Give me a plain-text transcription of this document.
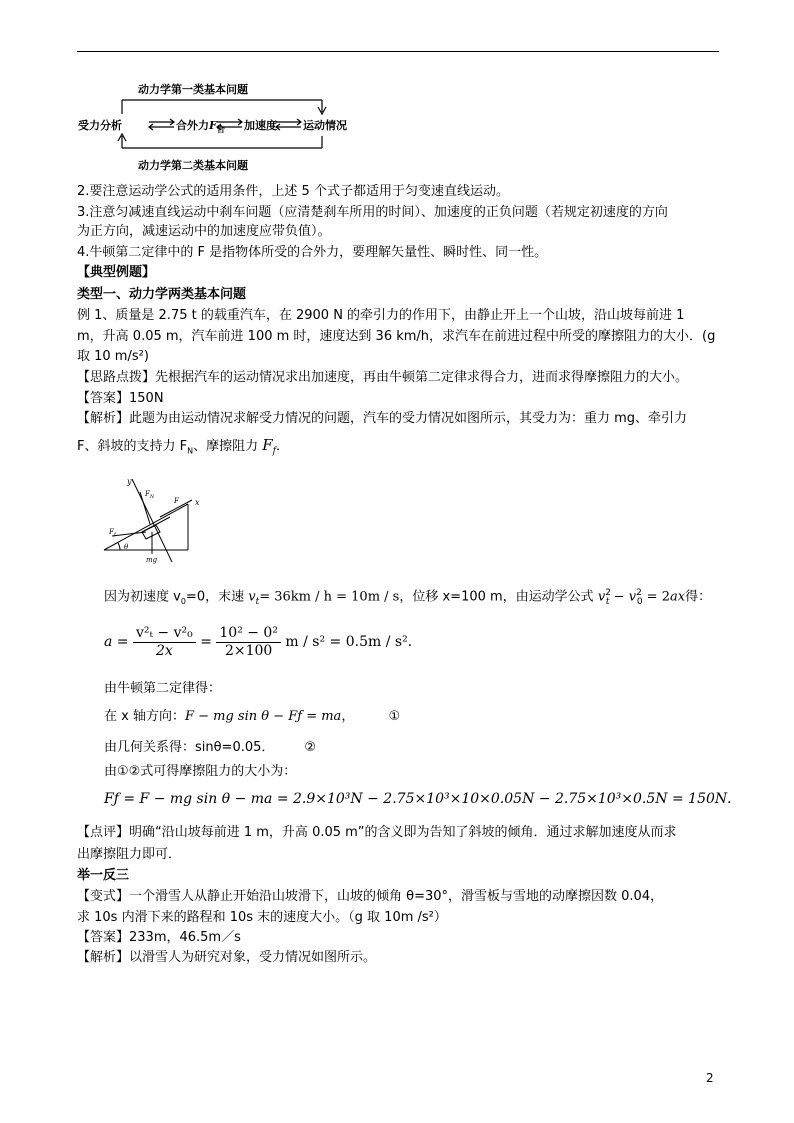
动力学第一类基本问题
受力分析	合外力$F_合$ 加速度 运动情况
动力学第二类基本问题
2.要注意运动学公式的适用条件，上述 5 个式子都适用于匀变速直线运动。
3.注意匀减速直线运动中刹车问题（应清楚刹车所用的时间）、加速度的正负问题（若规定初速度的方向
为正方向，减速运动中的加速度应带负值）。
4.牛顿第二定律中的 F 是指物体所受的合外力，要理解矢量性、瞬时性、同一性。
【典型例题】
类型一、动力学两类基本问题
例 1、质量是 2.75 t 的载重汽车，在 2900 N 的牵引力的作用下，由静止开上一个山坡，沿山坡每前进 1
m，升高 0.05 m，汽车前进 100 m 时，速度达到 36 km/h，求汽车在前进过程中所受的摩擦阻力的大小．(g
取 10 m/s²)
【思路点拨】先根据汽车的运动情况求出加速度，再由牛顿第二定律求得合力，进而求得摩擦阻力的大小。
【答案】150N
【解析】此题为由运动情况求解受力情况的问题，汽车的受力情况如图所示，其受力为：重力 mg、牵引力
F、斜坡的支持力 $F_N$、摩擦阻力 $F_f$．
y
$F_N$	F x
$F_f$
θ
mg
因为初速度 $v_0=0$，末速 $v_t= 36km / h = 10m / s$，位移 x=100 m，由运动学公式 $v^2_t - v^2_0 = 2ax$得：
$a = \frac{\text{v²ₜ − v²₀}}{2x} = \frac{\text{10² − 0²}}{2\times 100}$ m / s² = 0.5m / s²．
由牛顿第二定律得：
在 x 轴方向：F − mg sin θ − Fƒ = ma，	①
由几何关系得：sinθ=0.05． ②
由①②式可得摩擦阻力的大小为：
Fƒ = F − mg sin θ − ma = 2.9×10³N − 2.75×10³×10×0.05N − 2.75×10³×0.5N = 150N．
【点评】明确“沿山坡每前进 1 m，升高 0.05 m”的含义即为告知了斜坡的倾角．通过求解加速度从而求
出摩擦阻力即可．
举一反三
【变式】一个滑雪人从静止开始沿山坡滑下，山坡的倾角 θ=30°，滑雪板与雪地的动摩擦因数 0.04，
求 10s 内滑下来的路程和 10s 末的速度大小。（g 取 10m /s²）
【答案】233m，46.5m／s
【解析】以滑雪人为研究对象，受力情况如图所示。
2
